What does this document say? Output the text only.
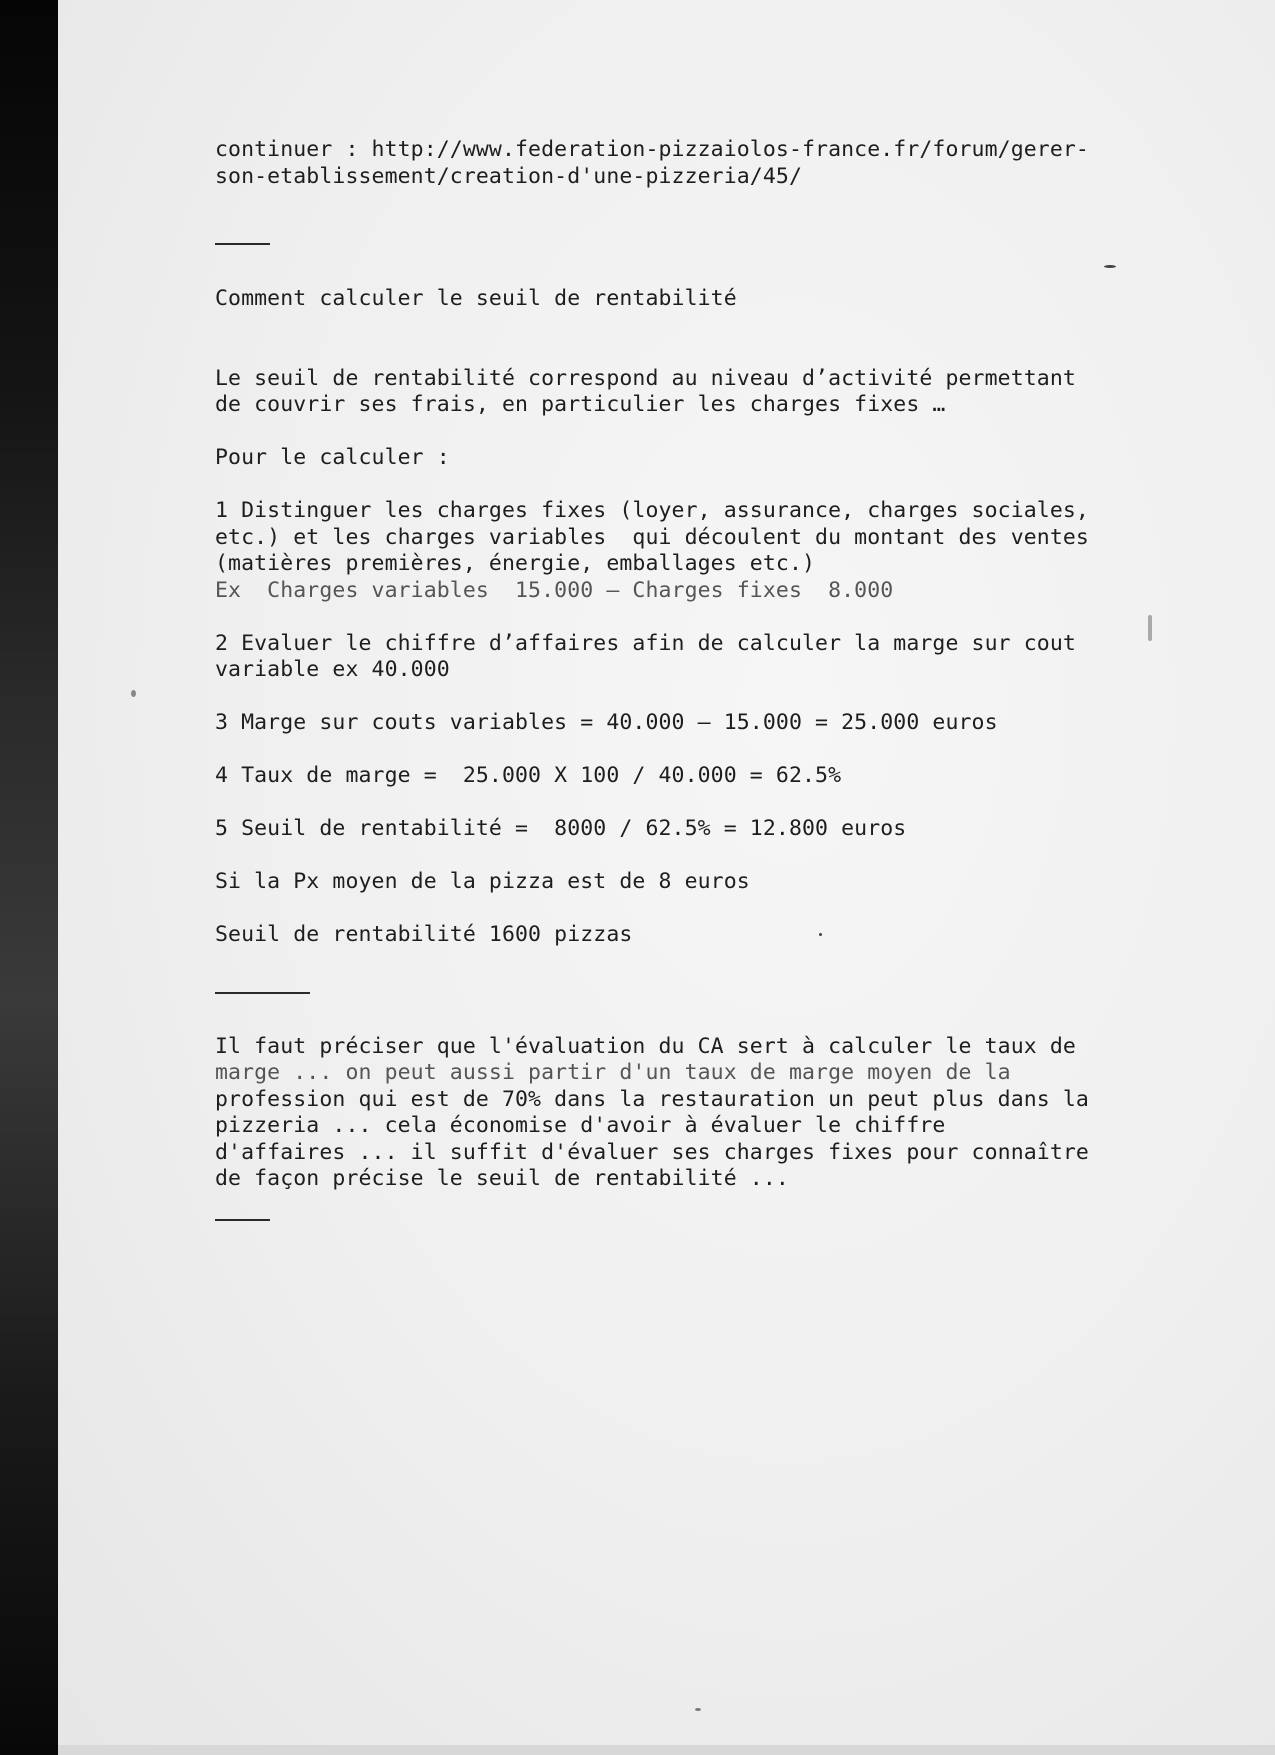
continuer : http://www.federation-pizzaiolos-france.fr/forum/gerer-
son-etablissement/creation-d'une-pizzeria/45/
Comment calculer le seuil de rentabilité
Le seuil de rentabilité correspond au niveau d’activité permettant
de couvrir ses frais, en particulier les charges fixes …
Pour le calculer :
1 Distinguer les charges fixes (loyer, assurance, charges sociales,
etc.) et les charges variables  qui découlent du montant des ventes
(matières premières, énergie, emballages etc.)
Ex  Charges variables  15.000 – Charges fixes  8.000
2 Evaluer le chiffre d’affaires afin de calculer la marge sur cout
variable ex 40.000
3 Marge sur couts variables = 40.000 – 15.000 = 25.000 euros
4 Taux de marge =  25.000 X 100 / 40.000 = 62.5%
5 Seuil de rentabilité =  8000 / 62.5% = 12.800 euros
Si la Px moyen de la pizza est de 8 euros
Seuil de rentabilité 1600 pizzas
Il faut préciser que l'évaluation du CA sert à calculer le taux de
marge ... on peut aussi partir d'un taux de marge moyen de la
profession qui est de 70% dans la restauration un peut plus dans la
pizzeria ... cela économise d'avoir à évaluer le chiffre
d'affaires ... il suffit d'évaluer ses charges fixes pour connaître
de façon précise le seuil de rentabilité ...
